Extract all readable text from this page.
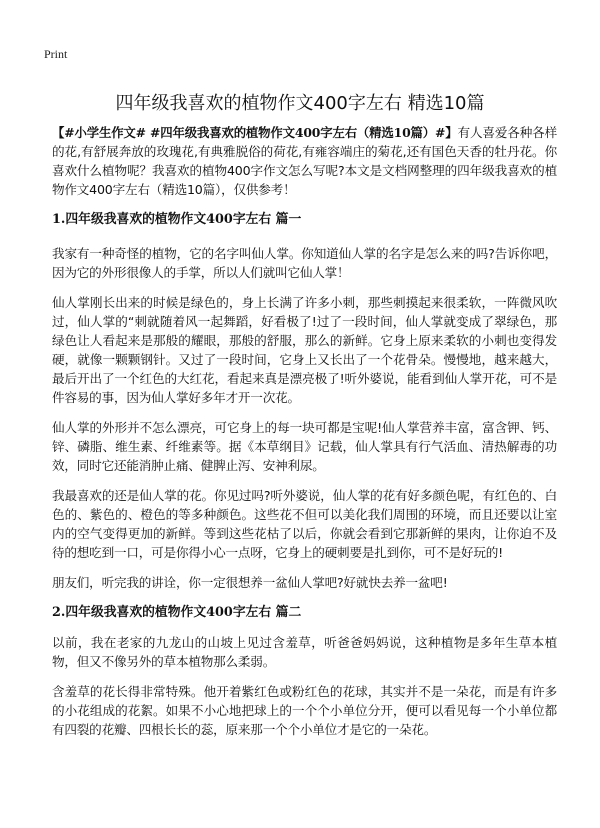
Print
四年级我喜欢的植物作文400字左右 精选10篇

【#小学生作文# #四年级我喜欢的植物作文400字左右（精选10篇）#】有人喜爱各种各样的花,有舒展奔放的玫瑰花,有典雅脱俗的荷花,有雍容端庄的菊花,还有国色天香的牡丹花。你喜欢什么植物呢？我喜欢的植物400字作文怎么写呢?本文是文档网整理的四年级我喜欢的植物作文400字左右（精选10篇），仅供参考！

1.四年级我喜欢的植物作文400字左右 篇一

我家有一种奇怪的植物，它的名字叫仙人掌。你知道仙人掌的名字是怎么来的吗?告诉你吧，因为它的外形很像人的手掌，所以人们就叫它仙人掌！

仙人掌刚长出来的时候是绿色的，身上长满了许多小刺，那些刺摸起来很柔软，一阵微风吹过，仙人掌的“刺就随着风一起舞蹈，好看极了!过了一段时间，仙人掌就变成了翠绿色，那绿色让人看起来是那般的耀眼，那般的舒服，那么的新鲜。它身上原来柔软的小刺也变得发硬，就像一颗颗钢针。又过了一段时间，它身上又长出了一个花骨朵。慢慢地，越来越大，最后开出了一个红色的大红花，看起来真是漂亮极了!听外婆说，能看到仙人掌开花，可不是件容易的事，因为仙人掌好多年才开一次花。

仙人掌的外形并不怎么漂亮，可它身上的每一块可都是宝呢!仙人掌营养丰富，富含钾、钙、锌、磷脂、维生素、纤维素等。据《本草纲目》记载，仙人掌具有行气活血、清热解毒的功效，同时它还能消肿止痛、健脾止泻、安神利尿。

我最喜欢的还是仙人掌的花。你见过吗?听外婆说，仙人掌的花有好多颜色呢，有红色的、白色的、紫色的、橙色的等多种颜色。这些花不但可以美化我们周围的环境，而且还要以让室内的空气变得更加的新鲜。等到这些花枯了以后，你就会看到它那新鲜的果肉，让你迫不及待的想吃到一口，可是你得小心一点呀，它身上的硬刺要是扎到你，可不是好玩的!

朋友们，听完我的讲诠，你一定很想养一盆仙人掌吧?好就快去养一盆吧!

2.四年级我喜欢的植物作文400字左右 篇二

以前，我在老家的九龙山的山坡上见过含羞草，听爸爸妈妈说，这种植物是多年生草本植物，但又不像另外的草本植物那么柔弱。

含羞草的花长得非常特殊。他开着紫红色或粉红色的花球，其实并不是一朵花，而是有许多的小花组成的花絮。如果不小心地把球上的一个个小单位分开，便可以看见每一个小单位都有四裂的花瓣、四根长长的蕊，原来那一个个小单位才是它的一朵花。
